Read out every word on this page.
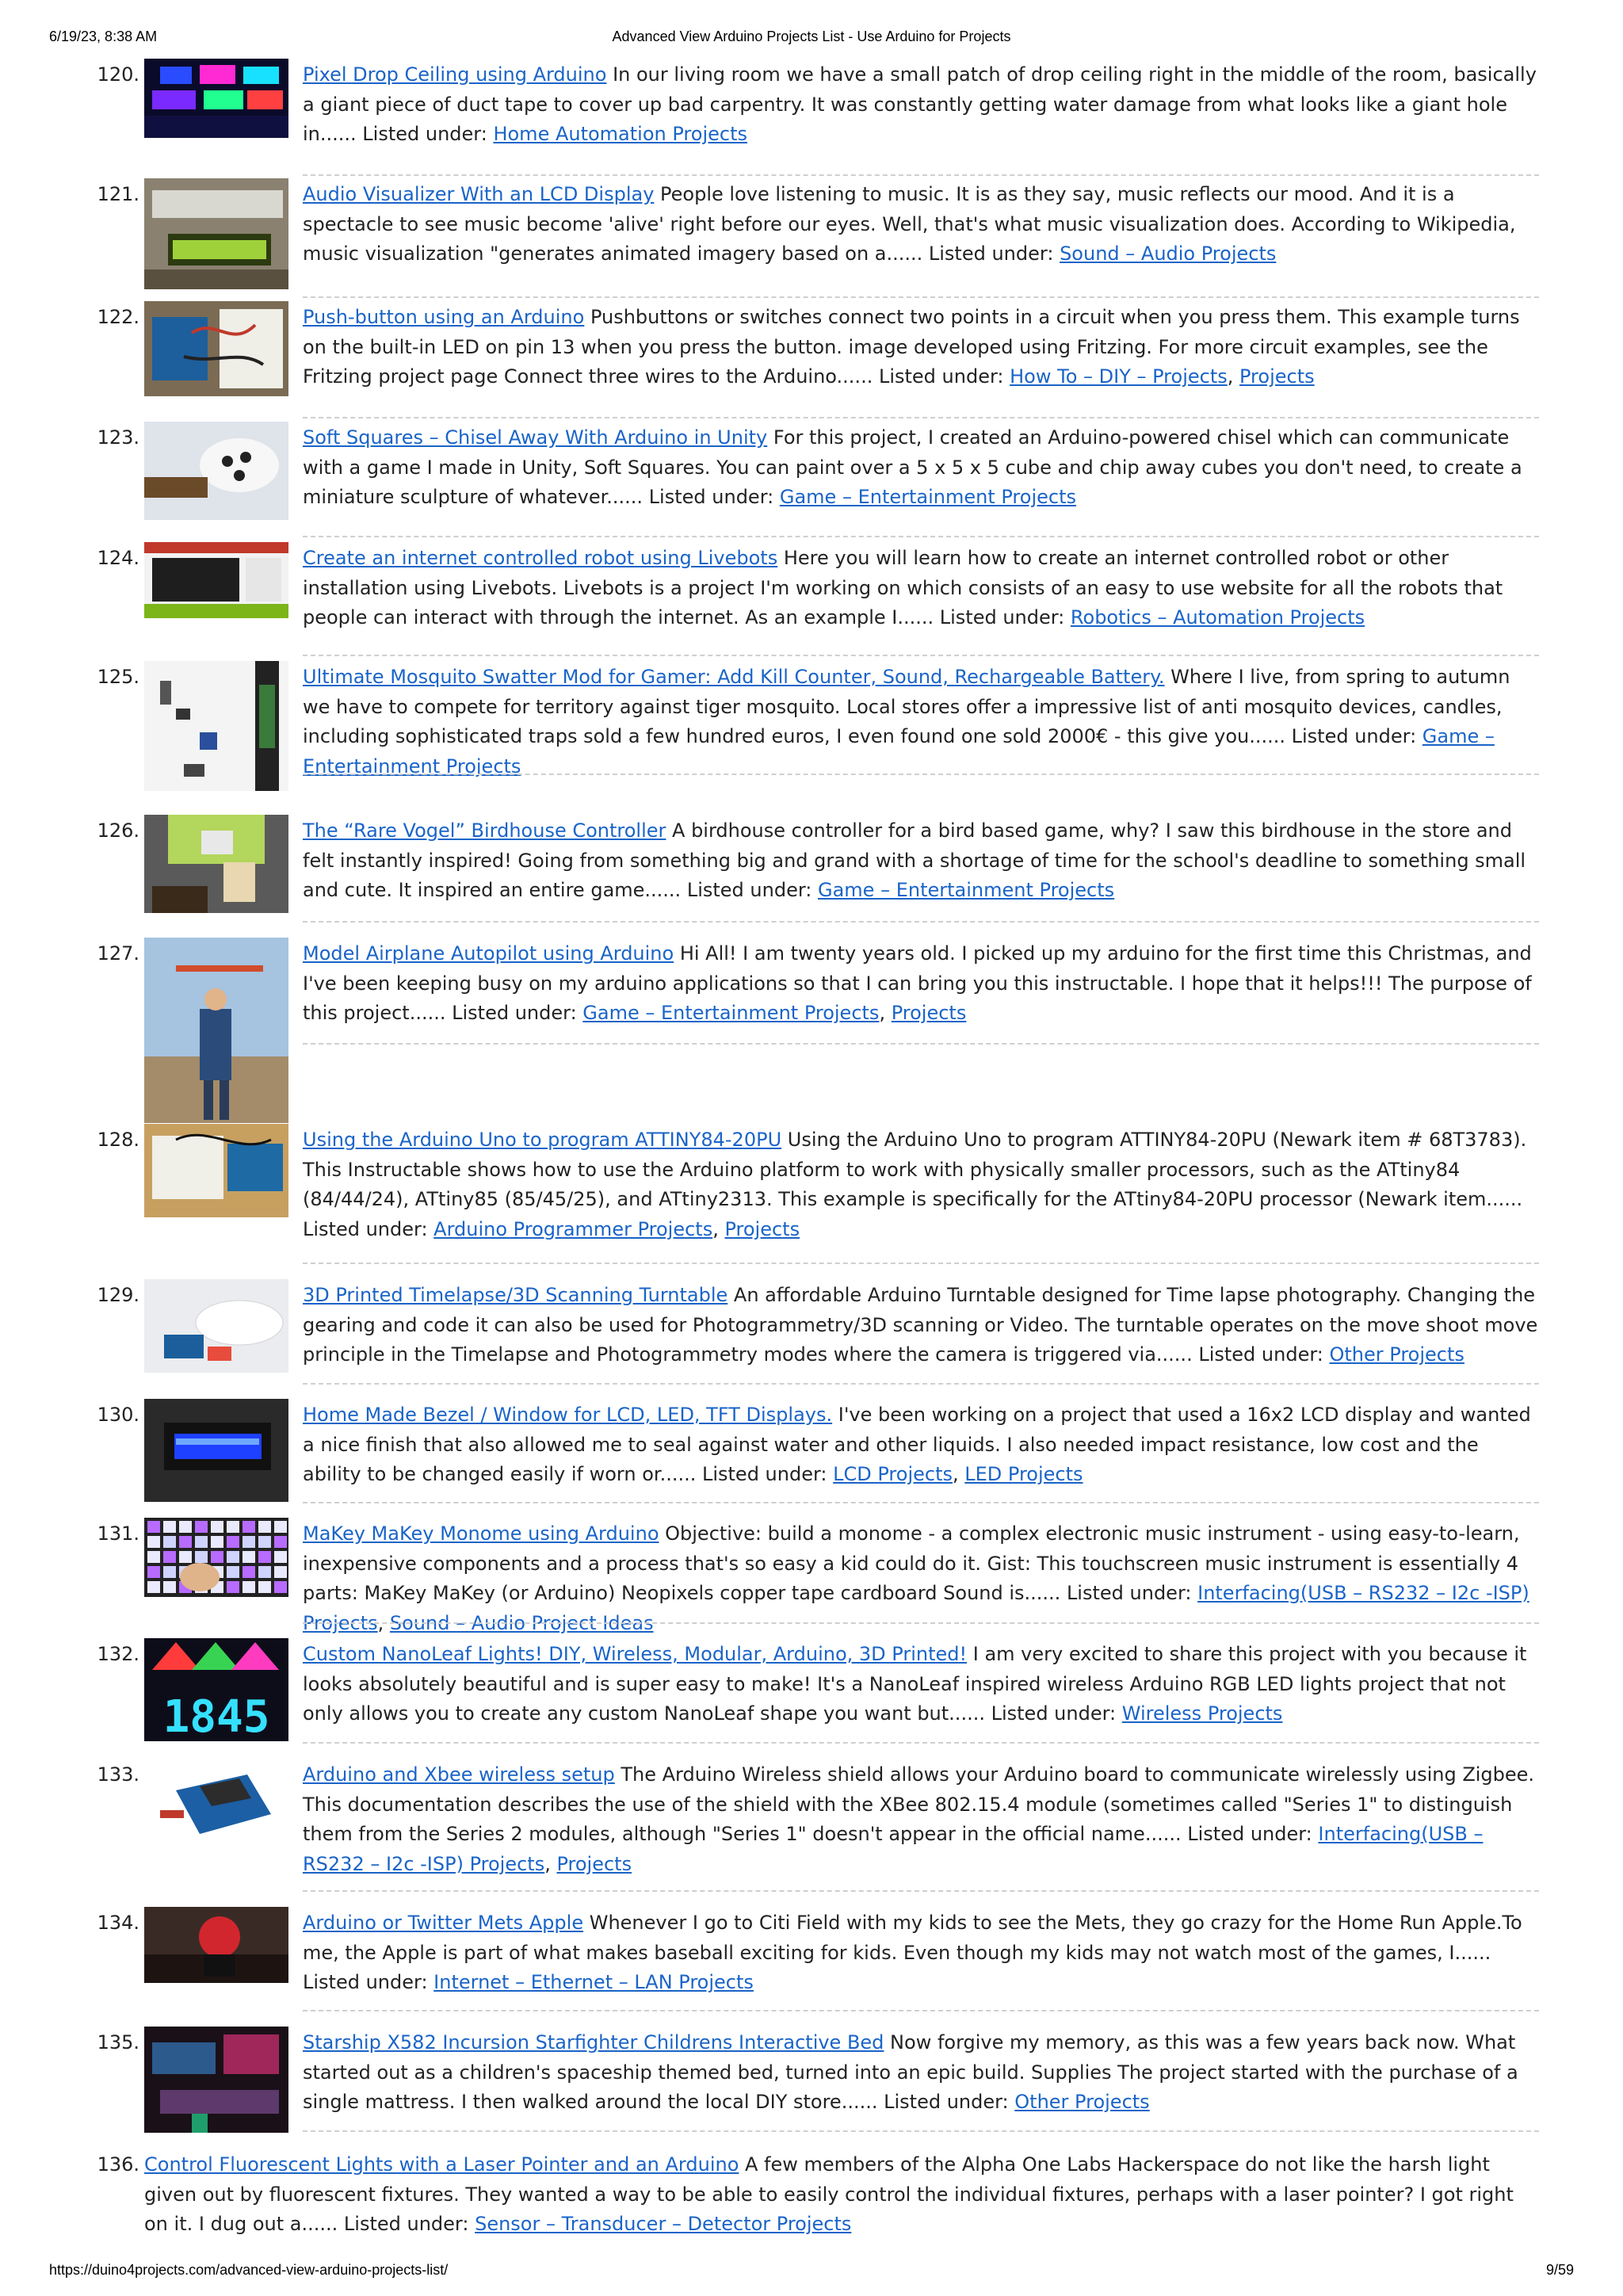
6/19/23, 8:38 AM	Advanced View Arduino Projects List - Use Arduino for Projects
120.	Pixel Drop Ceiling using Arduino In our living room we have a small patch of drop ceiling right in the middle of the room, basically a giant piece of duct tape to cover up bad carpentry. It was constantly getting water damage from what looks like a giant hole in...... Listed under: Home Automation Projects
121.	Audio Visualizer With an LCD Display People love listening to music. It is as they say, music reflects our mood. And it is a spectacle to see music become 'alive' right before our eyes. Well, that's what music visualization does. According to Wikipedia, music visualization "generates animated imagery based on a...... Listed under: Sound – Audio Projects
122.	Push-button using an Arduino Pushbuttons or switches connect two points in a circuit when you press them. This example turns on the built-in LED on pin 13 when you press the button. image developed using Fritzing. For more circuit examples, see the Fritzing project page Connect three wires to the Arduino...... Listed under: How To – DIY – Projects, Projects
123.	Soft Squares – Chisel Away With Arduino in Unity For this project, I created an Arduino-powered chisel which can communicate with a game I made in Unity, Soft Squares. You can paint over a 5 x 5 x 5 cube and chip away cubes you don't need, to create a miniature sculpture of whatever...... Listed under: Game – Entertainment Projects
124.	Create an internet controlled robot using Livebots Here you will learn how to create an internet controlled robot or other installation using Livebots. Livebots is a project I'm working on which consists of an easy to use website for all the robots that people can interact with through the internet. As an example I...... Listed under: Robotics – Automation Projects
125.	Ultimate Mosquito Swatter Mod for Gamer: Add Kill Counter, Sound, Rechargeable Battery. Where I live, from spring to autumn we have to compete for territory against tiger mosquito. Local stores offer a impressive list of anti mosquito devices, candles, including sophisticated traps sold a few hundred euros, I even found one sold 2000€ - this give you...... Listed under: Game – Entertainment Projects
126.	The “Rare Vogel” Birdhouse Controller A birdhouse controller for a bird based game, why? I saw this birdhouse in the store and felt instantly inspired! Going from something big and grand with a shortage of time for the school's deadline to something small and cute. It inspired an entire game...... Listed under: Game – Entertainment Projects
127.	Model Airplane Autopilot using Arduino Hi All! I am twenty years old. I picked up my arduino for the first time this Christmas, and I've been keeping busy on my arduino applications so that I can bring you this instructable. I hope that it helps!!! The purpose of this project...... Listed under: Game – Entertainment Projects, Projects
128.	Using the Arduino Uno to program ATTINY84-20PU Using the Arduino Uno to program ATTINY84-20PU (Newark item # 68T3783). This Instructable shows how to use the Arduino platform to work with physically smaller processors, such as the ATtiny84 (84/44/24), ATtiny85 (85/45/25), and ATtiny2313. This example is specifically for the ATtiny84-20PU processor (Newark item...... Listed under: Arduino Programmer Projects, Projects
129.	3D Printed Timelapse/3D Scanning Turntable An affordable Arduino Turntable designed for Time lapse photography. Changing the gearing and code it can also be used for Photogrammetry/3D scanning or Video. The turntable operates on the move shoot move principle in the Timelapse and Photogrammetry modes where the camera is triggered via...... Listed under: Other Projects
130.	Home Made Bezel / Window for LCD, LED, TFT Displays. I've been working on a project that used a 16x2 LCD display and wanted a nice finish that also allowed me to seal against water and other liquids. I also needed impact resistance, low cost and the ability to be changed easily if worn or...... Listed under: LCD Projects, LED Projects
131.	MaKey MaKey Monome using Arduino Objective: build a monome - a complex electronic music instrument - using easy-to-learn, inexpensive components and a process that's so easy a kid could do it. Gist: This touchscreen music instrument is essentially 4 parts: MaKey MaKey (or Arduino) Neopixels copper tape cardboard Sound is...... Listed under: Interfacing(USB – RS232 – I2c -ISP) Projects, Sound – Audio Project Ideas
132.
1845
Custom NanoLeaf Lights! DIY, Wireless, Modular, Arduino, 3D Printed! I am very excited to share this project with you because it looks absolutely beautiful and is super easy to make! It's a NanoLeaf inspired wireless Arduino RGB LED lights project that not only allows you to create any custom NanoLeaf shape you want but...... Listed under: Wireless Projects
133.	Arduino and Xbee wireless setup The Arduino Wireless shield allows your Arduino board to communicate wirelessly using Zigbee. This documentation describes the use of the shield with the XBee 802.15.4 module (sometimes called "Series 1" to distinguish them from the Series 2 modules, although "Series 1" doesn't appear in the official name...... Listed under: Interfacing(USB – RS232 – I2c -ISP) Projects, Projects
134.	Arduino or Twitter Mets Apple Whenever I go to Citi Field with my kids to see the Mets, they go crazy for the Home Run Apple.To me, the Apple is part of what makes baseball exciting for kids. Even though my kids may not watch most of the games, I...... Listed under: Internet – Ethernet – LAN Projects
135.	Starship X582 Incursion Starfighter Childrens Interactive Bed Now forgive my memory, as this was a few years back now. What started out as a children's spaceship themed bed, turned into an epic build. Supplies The project started with the purchase of a single mattress. I then walked around the local DIY store...... Listed under: Other Projects
136. Control Fluorescent Lights with a Laser Pointer and an Arduino A few members of the Alpha One Labs Hackerspace do not like the harsh light given out by fluorescent fixtures. They wanted a way to be able to easily control the individual fixtures, perhaps with a laser pointer? I got right on it. I dug out a...... Listed under: Sensor – Transducer – Detector Projects
https://duino4projects.com/advanced-view-arduino-projects-list/	9/59
